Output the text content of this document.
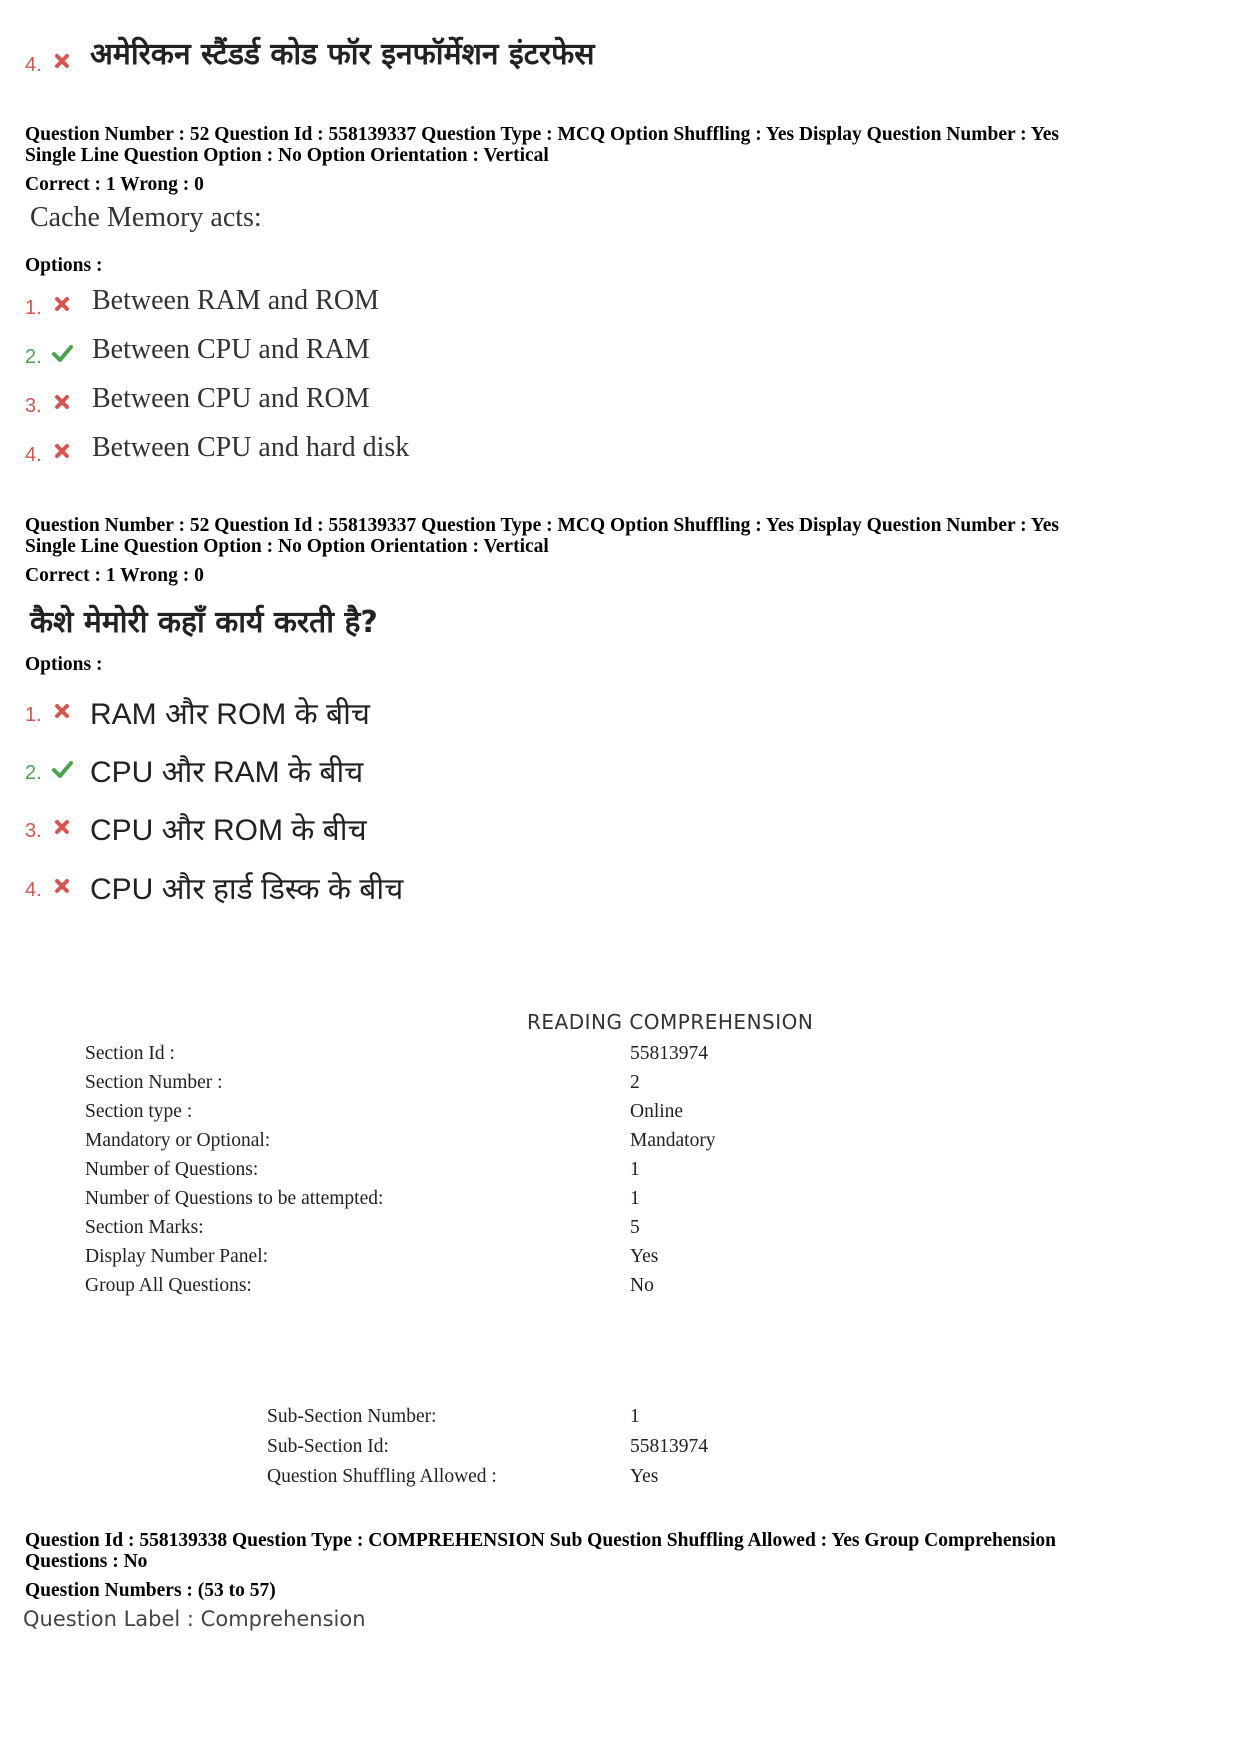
4. अमेरिकन स्टैंडर्ड कोड फॉर इनफॉर्मेशन इंटरफेस
Question Number : 52 Question Id : 558139337 Question Type : MCQ Option Shuffling : Yes Display Question Number : Yes
Single Line Question Option : No Option Orientation : Vertical
Correct : 1 Wrong : 0
Cache Memory acts:
Options :
1. Between RAM and ROM
2. Between CPU and RAM
3. Between CPU and ROM
4. Between CPU and hard disk
Question Number : 52 Question Id : 558139337 Question Type : MCQ Option Shuffling : Yes Display Question Number : Yes
Single Line Question Option : No Option Orientation : Vertical
Correct : 1 Wrong : 0
कैशे मेमोरी कहाँ कार्य करती है?
Options :
1. RAM और ROM के बीच
2. CPU और RAM के बीच
3. CPU और ROM के बीच
4. CPU और हार्ड डिस्क के बीच
READING COMPREHENSION
Section Id :
Section Number :
Section type :
Mandatory or Optional:
Number of Questions:
Number of Questions to be attempted:
Section Marks:
Display Number Panel:
Group All Questions:
55813974
2
Online
Mandatory
1
1
5
Yes
No
Sub-Section Number:
Sub-Section Id:
Question Shuffling Allowed :
1
55813974
Yes
Question Id : 558139338 Question Type : COMPREHENSION Sub Question Shuffling Allowed : Yes Group Comprehension
Questions : No
Question Numbers : (53 to 57)
Question Label : Comprehension
